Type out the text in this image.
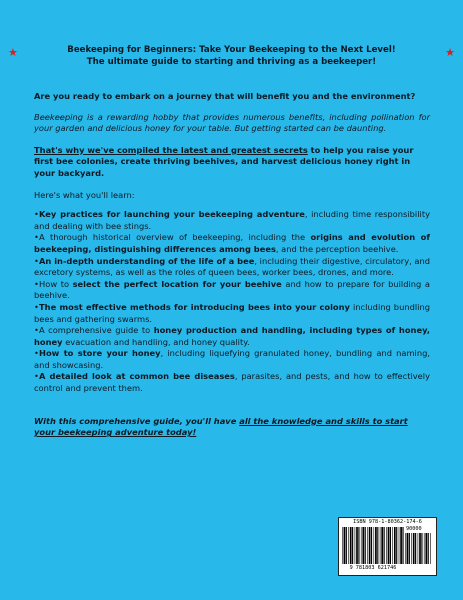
★	★
Beekeeping for Beginners: Take Your Beekeeping to the Next Level!
The ultimate guide to starting and thriving as a beekeeper!

Are you ready to embark on a journey that will benefit you and the environment?

Beekeeping is a rewarding hobby that provides numerous benefits, including pollination for your garden and delicious honey for your table. But getting started can be daunting.

That's why we've compiled the latest and greatest secrets to help you raise your first bee colonies, create thriving beehives, and harvest delicious honey right in your backyard.

Here's what you'll learn:

•Key practices for launching your beekeeping adventure, including time responsibility and dealing with bee stings.
•A thorough historical overview of beekeeping, including the origins and evolution of beekeeping, distinguishing differences among bees, and the perception beehive.
•An in-depth understanding of the life of a bee, including their digestive, circulatory, and excretory systems, as well as the roles of queen bees, worker bees, drones, and more.
•How to select the perfect location for your beehive and how to prepare for building a beehive.
•The most effective methods for introducing bees into your colony including bundling bees and gathering swarms.
•A comprehensive guide to honey production and handling, including types of honey, honey evacuation and handling, and honey quality.
•How to store your honey, including liquefying granulated honey, bundling and naming, and showcasing.
•A detailed look at common bee diseases, parasites, and pests, and how to effectively control and prevent them.

With this comprehensive guide, you'll have all the knowledge and skills to start your beekeeping adventure today!

ISBN 978-1-80362-174-6
90000
9 781803 621746
